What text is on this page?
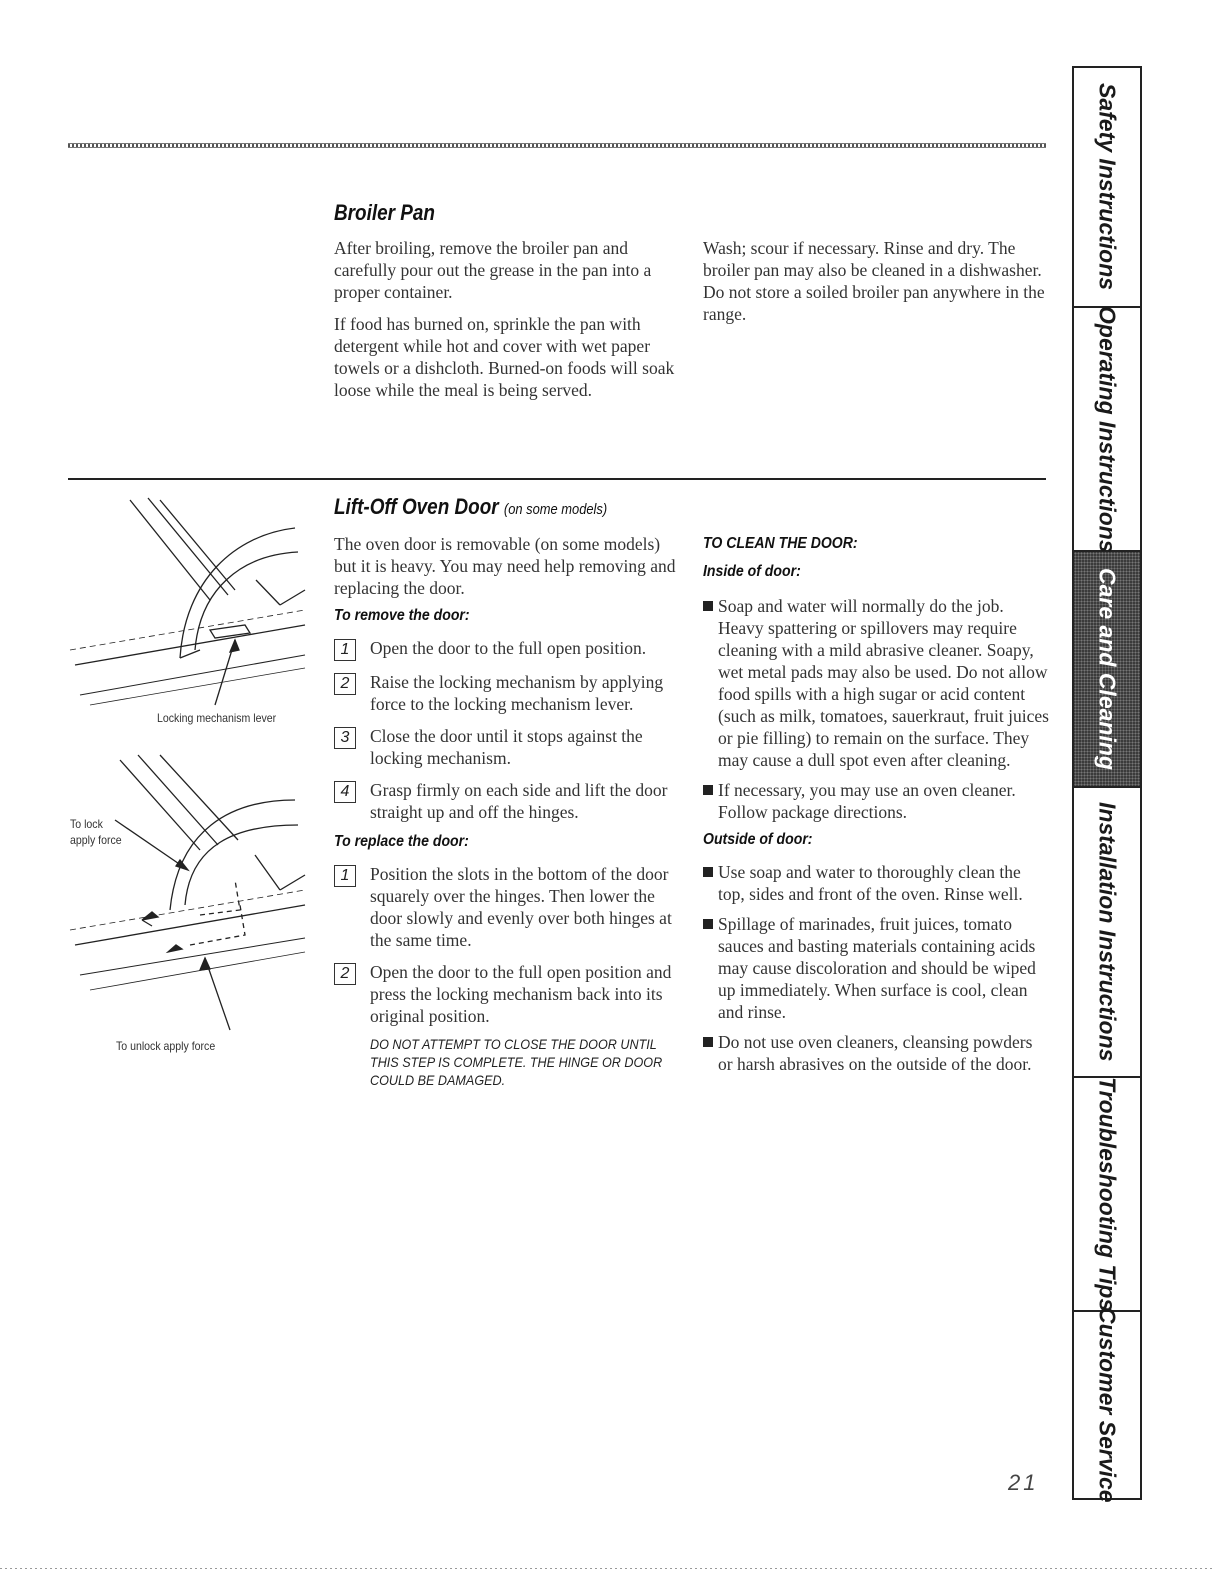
Broiler Pan

After broiling, remove the broiler pan and carefully pour out the grease in the pan into a proper container.

If food has burned on, sprinkle the pan with detergent while hot and cover with wet paper towels or a dishcloth. Burned-on foods will soak loose while the meal is being served.

Wash; scour if necessary. Rinse and dry. The broiler pan may also be cleaned in a dishwasher. Do not store a soiled broiler pan anywhere in the range.

Locking mechanism lever
To lock
apply force
To unlock apply force
Lift-Off Oven Door (on some models)

The oven door is removable (on some models) but it is heavy. You may need help removing and replacing the door.

To remove the door:
1	Open the door to the full open position.
2	Raise the locking mechanism by applying force to the locking mechanism lever.
3	Close the door until it stops against the locking mechanism.
4	Grasp firmly on each side and lift the door straight up and off the hinges.
To replace the door:
1	Position the slots in the bottom of the door squarely over the hinges. Then lower the door slowly and evenly over both hinges at the same time.
2	Open the door to the full open position and press the locking mechanism back into its original position.
DO NOT ATTEMPT TO CLOSE THE DOOR UNTIL THIS STEP IS COMPLETE. THE HINGE OR DOOR COULD BE DAMAGED.
TO CLEAN THE DOOR:
Inside of door:
Soap and water will normally do the job. Heavy spattering or spillovers may require cleaning with a mild abrasive cleaner. Soapy, wet metal pads may also be used. Do not allow food spills with a high sugar or acid content (such as milk, tomatoes, sauerkraut, fruit juices or pie filling) to remain on the surface. They may cause a dull spot even after cleaning.
If necessary, you may use an oven cleaner. Follow package directions.
Outside of door:
Use soap and water to thoroughly clean the top, sides and front of the oven. Rinse well.
Spillage of marinades, fruit juices, tomato sauces and basting materials containing acids may cause discoloration and should be wiped up immediately. When surface is cool, clean and rinse.
Do not use oven cleaners, cleansing powders or harsh abrasives on the outside of the door.
21
Safety Instructions
Operating Instructions
Care and Cleaning
Installation Instructions
Troubleshooting Tips
Customer Service
